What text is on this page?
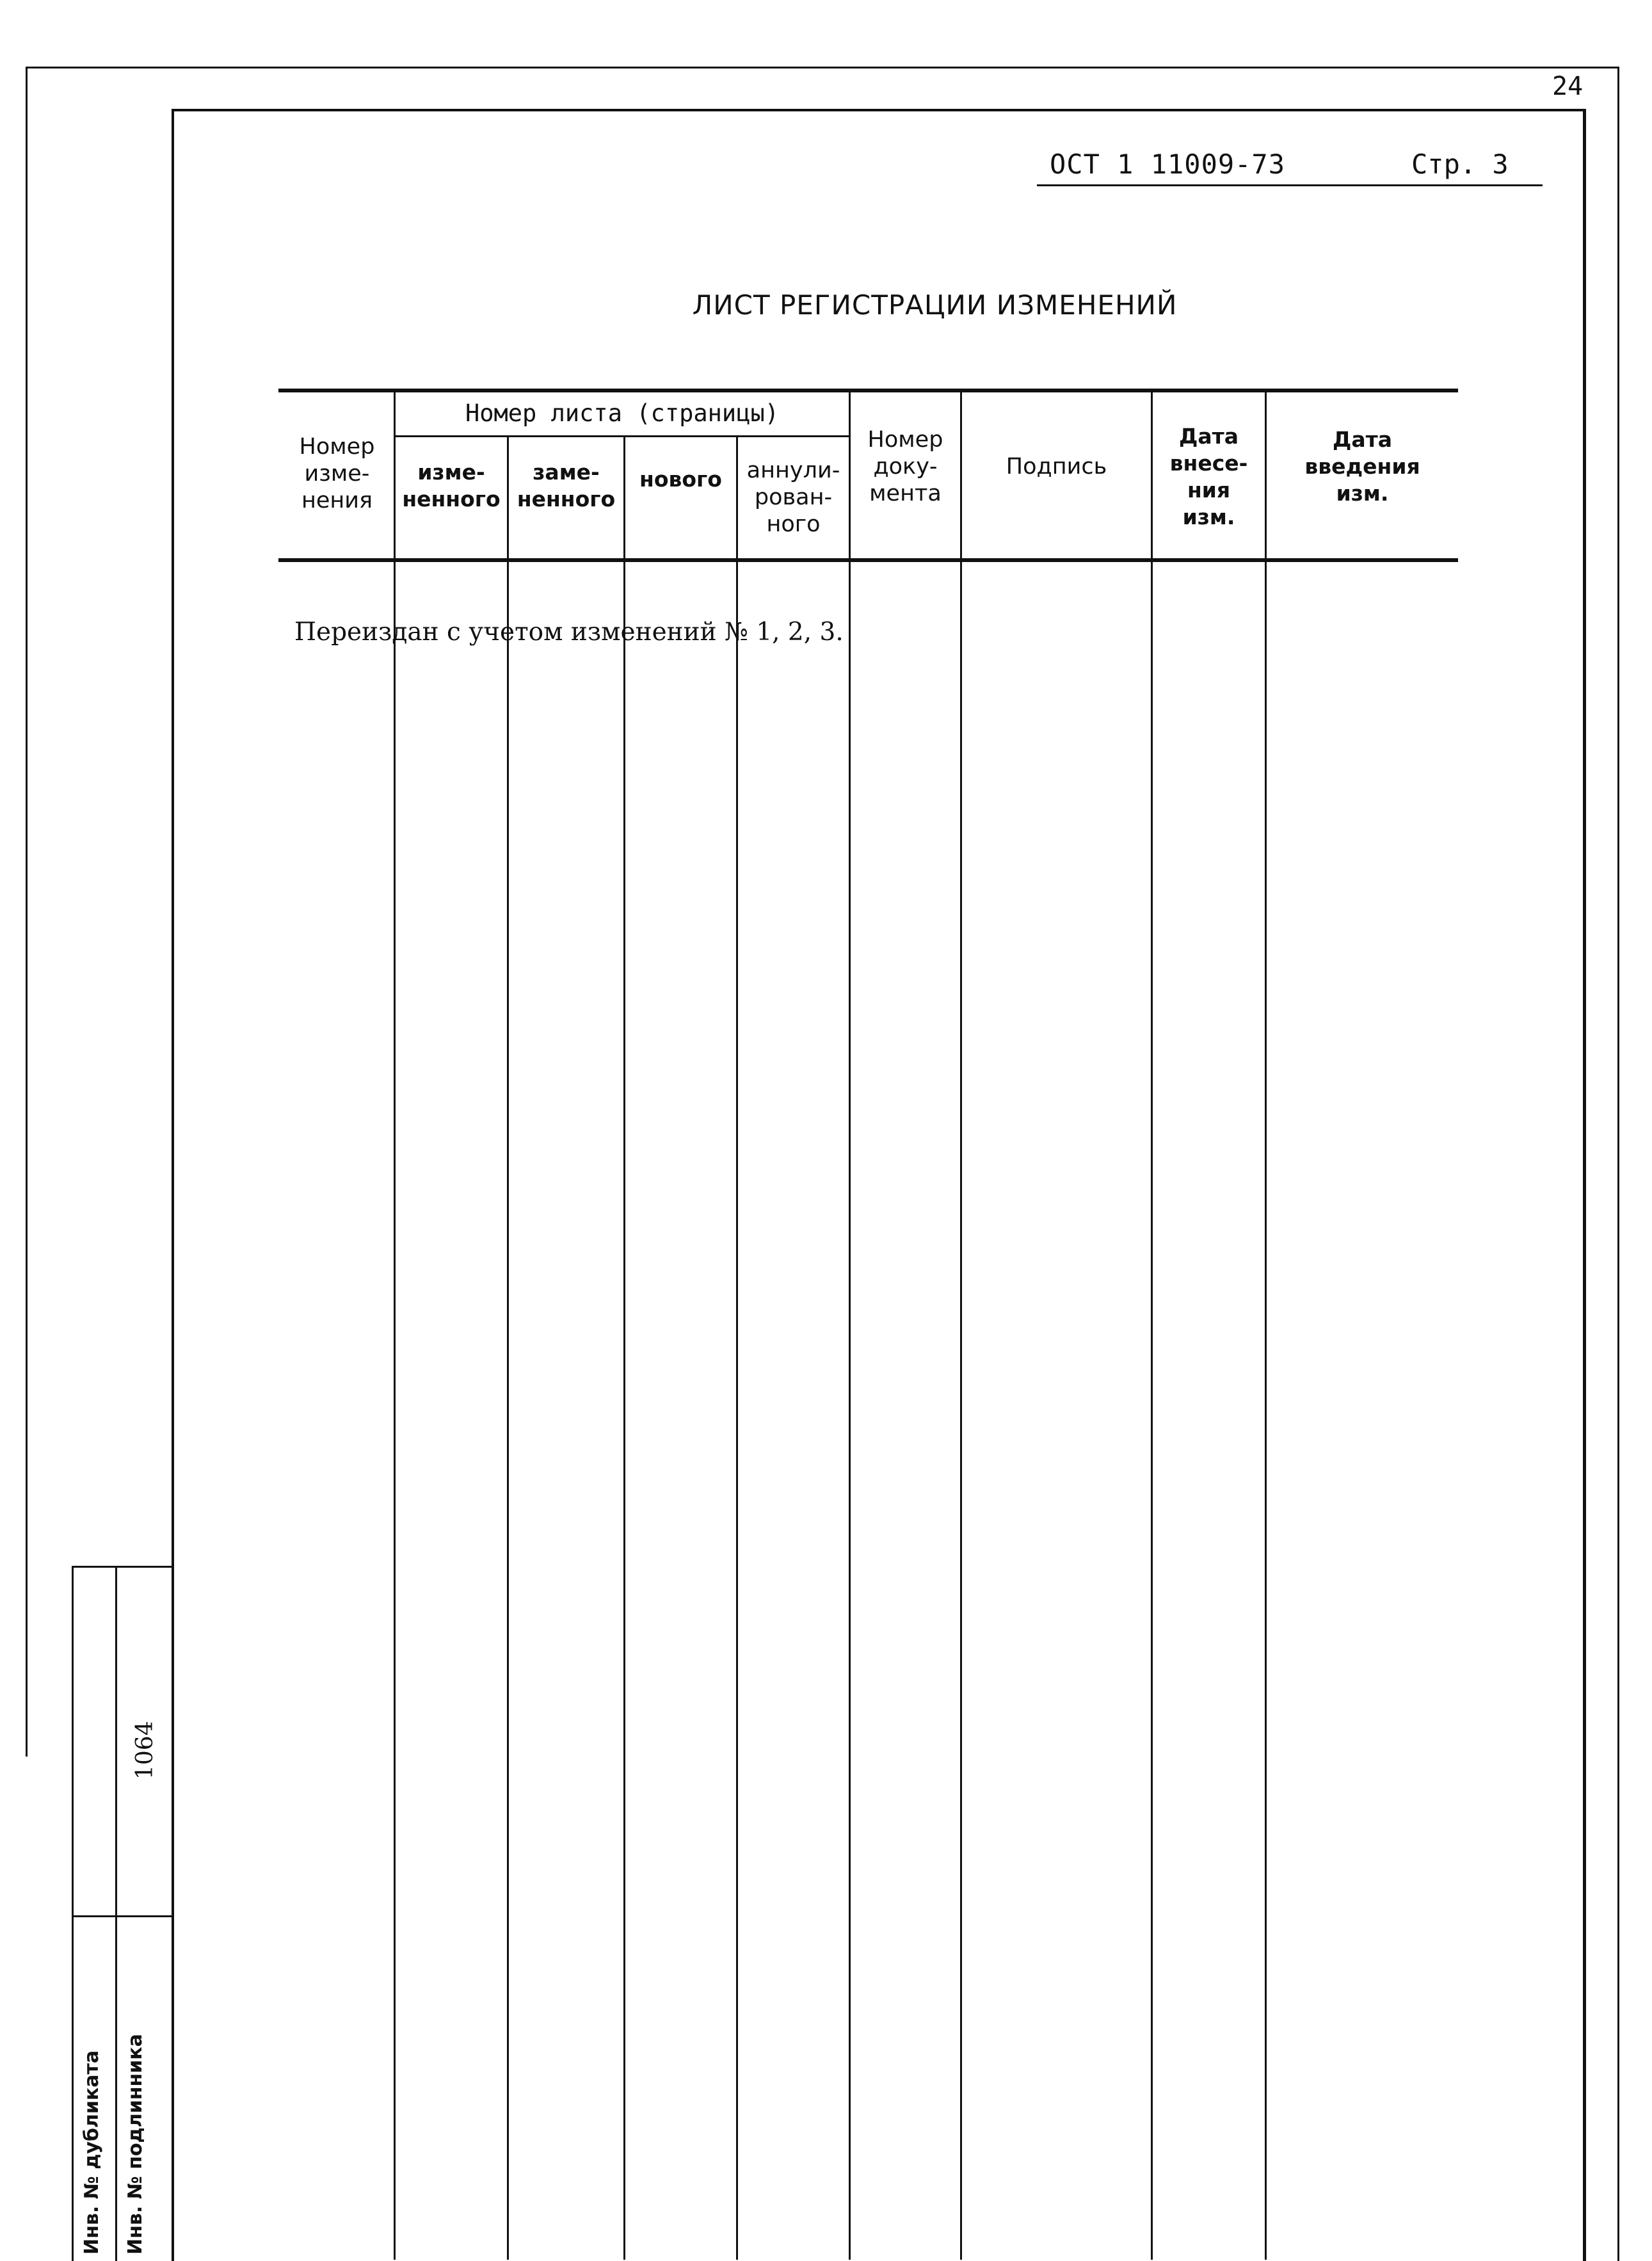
24
ОСТ 1 11009-73	Стр. 3
ЛИСТ РЕГИСТРАЦИИ ИЗМЕНЕНИЙ
Номер листа (страницы)
Номер
изме-
нения
изме-
ненного
заме-
ненного
нового	аннули-
рован-
ного
Номер
доку-
мента
Подпись
Дата
внесе-
ния
изм.
Дата
введения
изм.
Переиздан с учетом изменений № 1, 2, 3.
Инв. № дубликата Инв. № подлинника
1064
